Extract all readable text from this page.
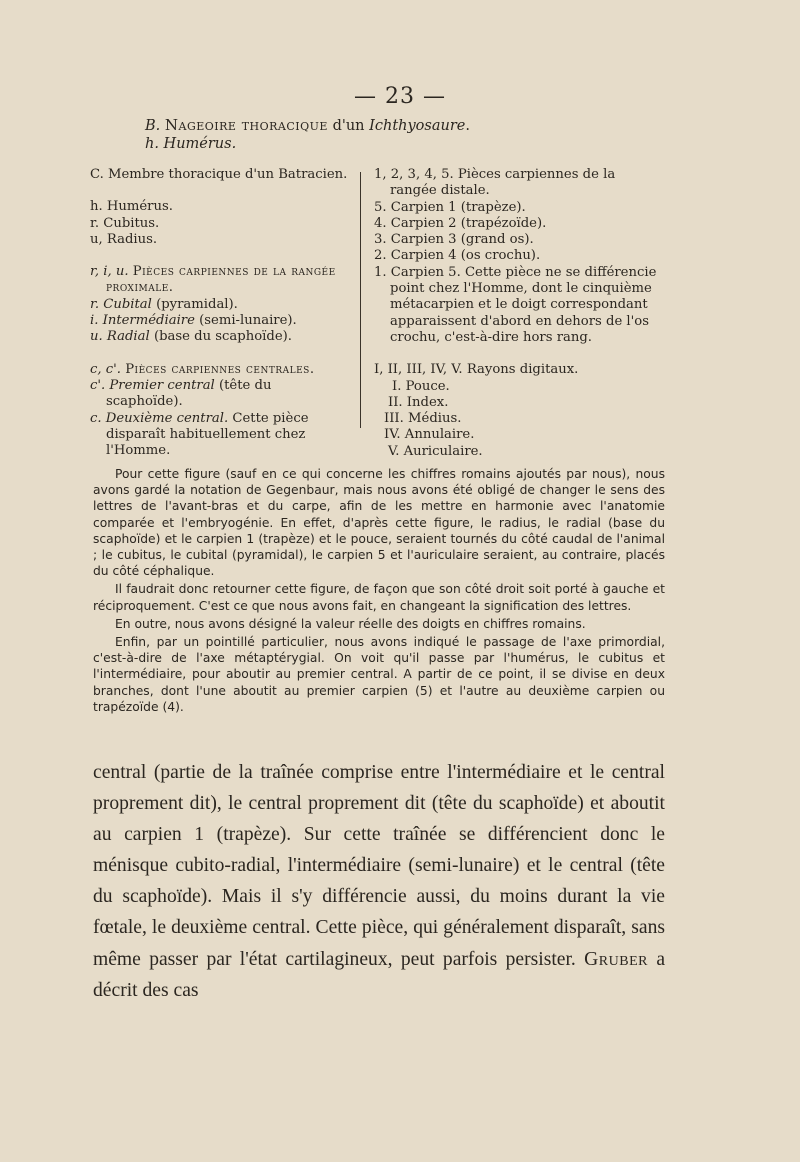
— 23 —
B. Nageoire thoracique d'un Ichthyosaure.
h. Humérus.
C. Membre thoracique d'un Batracien.
h. Humérus.
r. Cubitus.
u, Radius.
r, i, u. Pièces carpiennes de la rangée proximale.
r. Cubital (pyramidal).
i. Intermédiaire (semi-lunaire).
u. Radial (base du scaphoïde).
c, c'. Pièces carpiennes centrales.
c'. Premier central (tête du scaphoïde).
c. Deuxième central. Cette pièce disparaît habituellement chez l'Homme.
1, 2, 3, 4, 5. Pièces carpiennes de la rangée distale.
5. Carpien 1 (trapèze).
4. Carpien 2 (trapézoïde).
3. Carpien 3 (grand os).
2. Carpien 4 (os crochu).
1. Carpien 5. Cette pièce ne se différencie point chez l'Homme, dont le cinquième métacarpien et le doigt correspondant apparaissent d'abord en dehors de l'os crochu, c'est-à-dire hors rang.
I, II, III, IV, V. Rayons digitaux.
I. Pouce.
II. Index.
III. Médius.
IV. Annulaire.
V. Auriculaire.

Pour cette figure (sauf en ce qui concerne les chiffres romains ajoutés par nous), nous avons gardé la notation de Gegenbaur, mais nous avons été obligé de changer le sens des lettres de l'avant-bras et du carpe, afin de les mettre en harmonie avec l'anatomie comparée et l'embryogénie. En effet, d'après cette figure, le radius, le radial (base du scaphoïde) et le carpien 1 (trapèze) et le pouce, seraient tournés du côté caudal de l'animal ; le cubitus, le cubital (pyramidal), le carpien 5 et l'auriculaire seraient, au contraire, placés du côté céphalique.

Il faudrait donc retourner cette figure, de façon que son côté droit soit porté à gauche et réciproquement. C'est ce que nous avons fait, en changeant la signification des lettres.

En outre, nous avons désigné la valeur réelle des doigts en chiffres romains.

Enfin, par un pointillé particulier, nous avons indiqué le passage de l'axe primordial, c'est-à-dire de l'axe métaptérygial. On voit qu'il passe par l'humérus, le cubitus et l'intermédiaire, pour aboutir au premier central. A partir de ce point, il se divise en deux branches, dont l'une aboutit au premier carpien (5) et l'autre au deuxième carpien ou trapézoïde (4).

central (partie de la traînée comprise entre l'intermédiaire et le central proprement dit), le central proprement dit (tête du scaphoïde) et aboutit au carpien 1 (trapèze). Sur cette traînée se différencient donc le ménisque cubito-radial, l'intermédiaire (semi-lunaire) et le central (tête du scaphoïde). Mais il s'y différencie aussi, du moins durant la vie fœtale, le deuxième central. Cette pièce, qui généralement disparaît, sans même passer par l'état cartilagineux, peut parfois persister. Gruber a décrit des cas
